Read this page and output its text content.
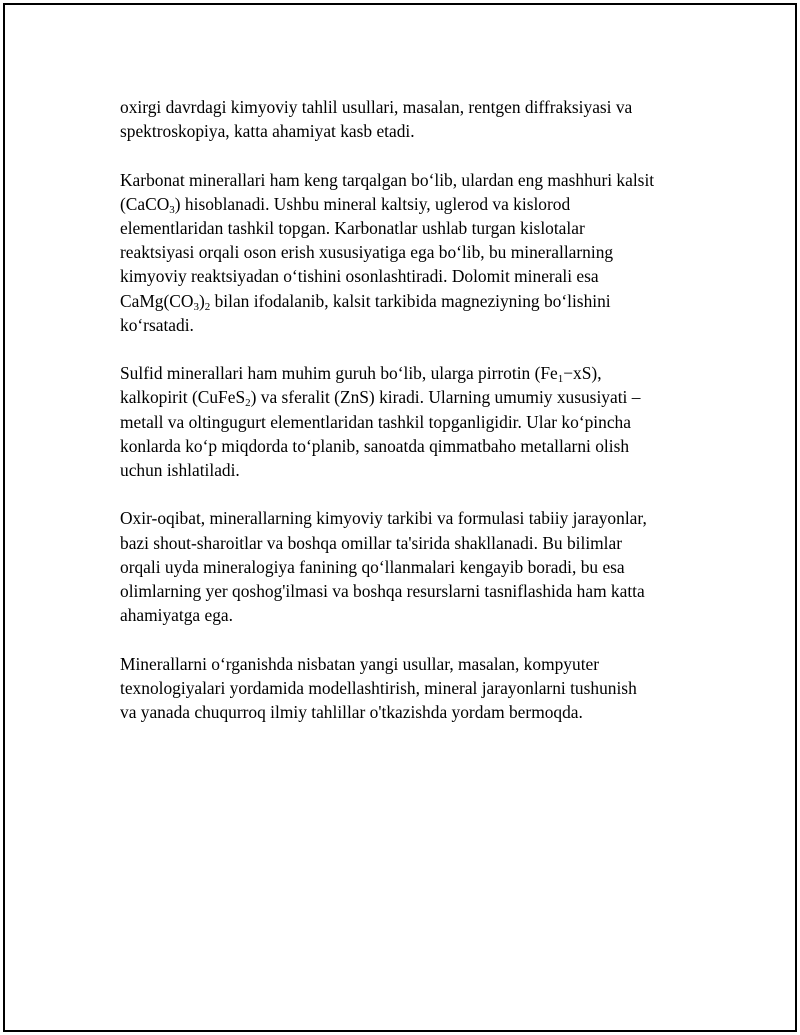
oxirgi davrdagi kimyoviy tahlil usullari, masalan, rentgen diffraksiyasi va
spektroskopiya, katta ahamiyat kasb etadi.
Karbonat minerallari ham keng tarqalgan bo‘lib, ulardan eng mashhuri kalsit
(CaCO$_3$) hisoblanadi. Ushbu mineral kaltsiy, uglerod va kislorod
elementlaridan tashkil topgan. Karbonatlar ushlab turgan kislotalar
reaktsiyasi orqali oson erish xususiyatiga ega bo‘lib, bu minerallarning
kimyoviy reaktsiyadan o‘tishini osonlashtiradi. Dolomit minerali esa
$CaMg(CO_3)_2$ bilan ifodalanib, kalsit tarkibida magneziyning bo‘lishini
ko‘rsatadi.
Sulfid minerallari ham muhim guruh bo‘lib, ularga pirrotin $(Fe_1-xS)$,
kalkopirit (CuFeS$_2$) va sferalit (ZnS) kiradi. Ularning umumiy xususiyati –
metall va oltingugurt elementlaridan tashkil topganligidir. Ular ko‘pincha
konlarda ko‘p miqdorda to‘planib, sanoatda qimmatbaho metallarni olish
uchun ishlatiladi.
Oxir-oqibat, minerallarning kimyoviy tarkibi va formulasi tabiiy jarayonlar,
bazi shout-sharoitlar va boshqa omillar ta'sirida shakllanadi. Bu bilimlar
orqali uyda mineralogiya fanining qo‘llanmalari kengayib boradi, bu esa
olimlarning yer qoshog'ilmasi va boshqa resurslarni tasniflashida ham katta
ahamiyatga ega.
Minerallarni o‘rganishda nisbatan yangi usullar, masalan, kompyuter
texnologiyalari yordamida modellashtirish, mineral jarayonlarni tushunish
va yanada chuqurroq ilmiy tahlillar o'tkazishda yordam bermoqda.
